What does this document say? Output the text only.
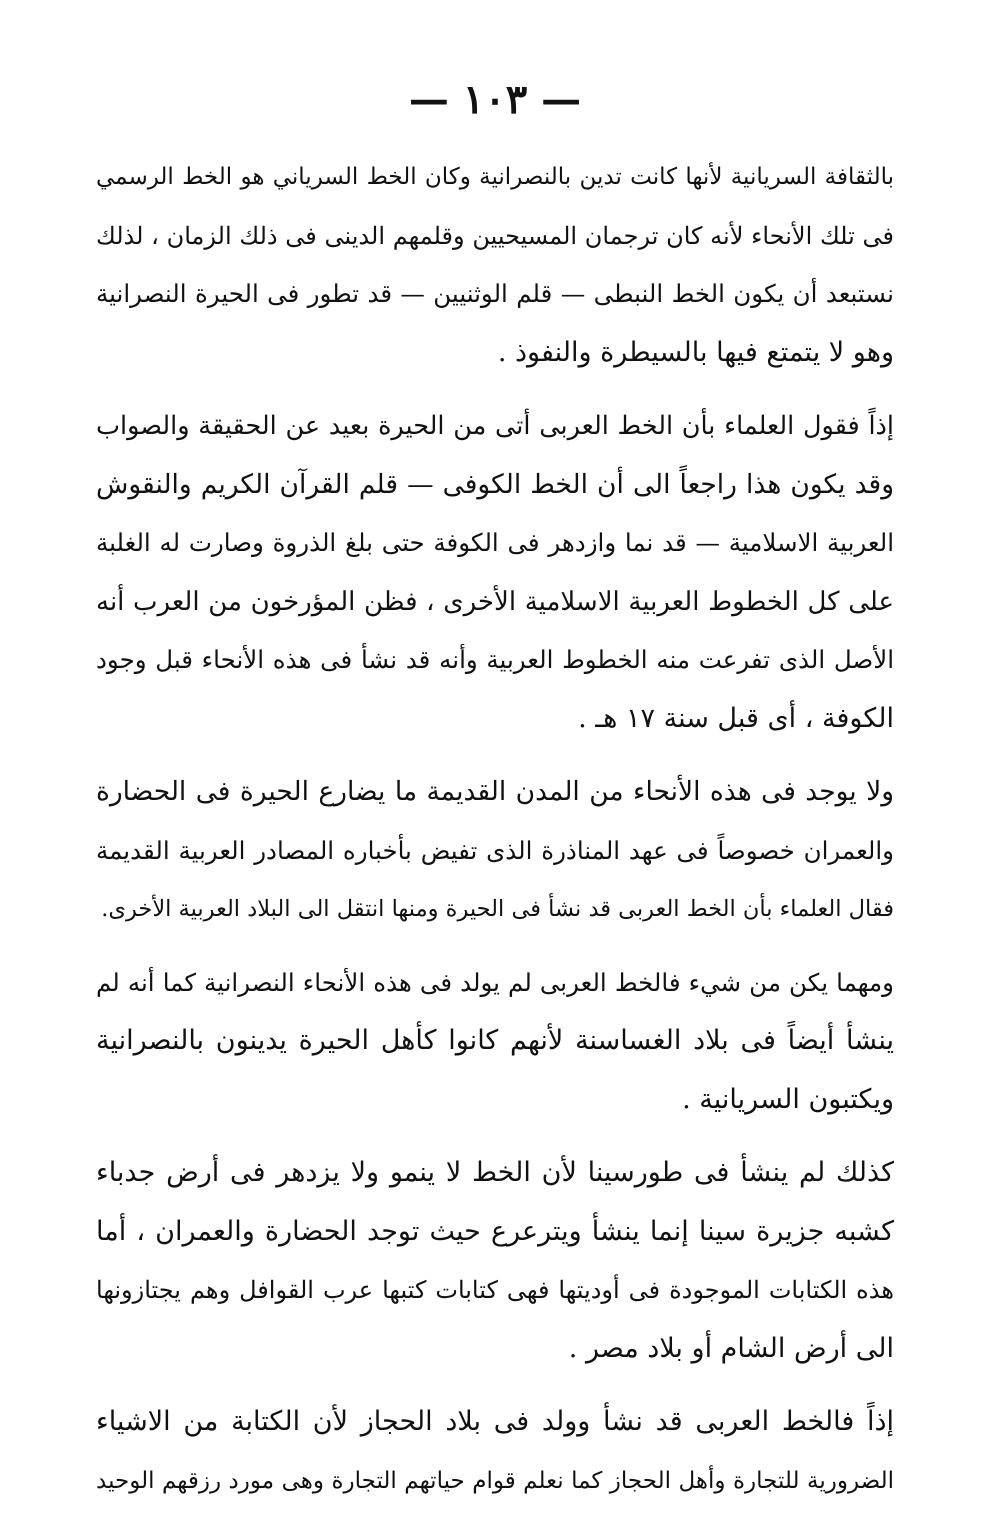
— ١٠٣ —
بالثقافة السريانية لأنها كانت تدين بالنصرانية وكان الخط السرياني هو الخط الرسمي
فى تلك الأنحاء لأنه كان ترجمان المسيحيين وقلمهم الدينى فى ذلك الزمان ، لذلك
نستبعد أن يكون الخط النبطى — قلم الوثنيين — قد تطور فى الحيرة النصرانية
وهو لا يتمتع فيها بالسيطرة والنفوذ .
إذاً فقول العلماء بأن الخط العربى أتى من الحيرة بعيد عن الحقيقة والصواب
وقد يكون هذا راجعاً الى أن الخط الكوفى — قلم القرآن الكريم والنقوش
العربية الاسلامية — قد نما وازدهر فى الكوفة حتى بلغ الذروة وصارت له الغلبة
على كل الخطوط العربية الاسلامية الأخرى ، فظن المؤرخون من العرب أنه
الأصل الذى تفرعت منه الخطوط العربية وأنه قد نشأ فى هذه الأنحاء قبل وجود
الكوفة ، أى قبل سنة ١٧ هـ .
ولا يوجد فى هذه الأنحاء من المدن القديمة ما يضارع الحيرة فى الحضارة
والعمران خصوصاً فى عهد المناذرة الذى تفيض بأخباره المصادر العربية القديمة
فقال العلماء بأن الخط العربى قد نشأ فى الحيرة ومنها انتقل الى البلاد العربية الأخرى.
ومهما يكن من شيء فالخط العربى لم يولد فى هذه الأنحاء النصرانية كما أنه لم
ينشأ أيضاً فى بلاد الغساسنة لأنهم كانوا كأهل الحيرة يدينون بالنصرانية
ويكتبون السريانية .
كذلك لم ينشأ فى طورسينا لأن الخط لا ينمو ولا يزدهر فى أرض جدباء
كشبه جزيرة سينا إنما ينشأ ويترعرع حيث توجد الحضارة والعمران ، أما
هذه الكتابات الموجودة فى أوديتها فهى كتابات كتبها عرب القوافل وهم يجتازونها
الى أرض الشام أو بلاد مصر .
إذاً فالخط العربى قد نشأ وولد فى بلاد الحجاز لأن الكتابة من الاشياء
الضرورية للتجارة وأهل الحجاز كما نعلم قوام حياتهم التجارة وهى مورد رزقهم الوحيد
